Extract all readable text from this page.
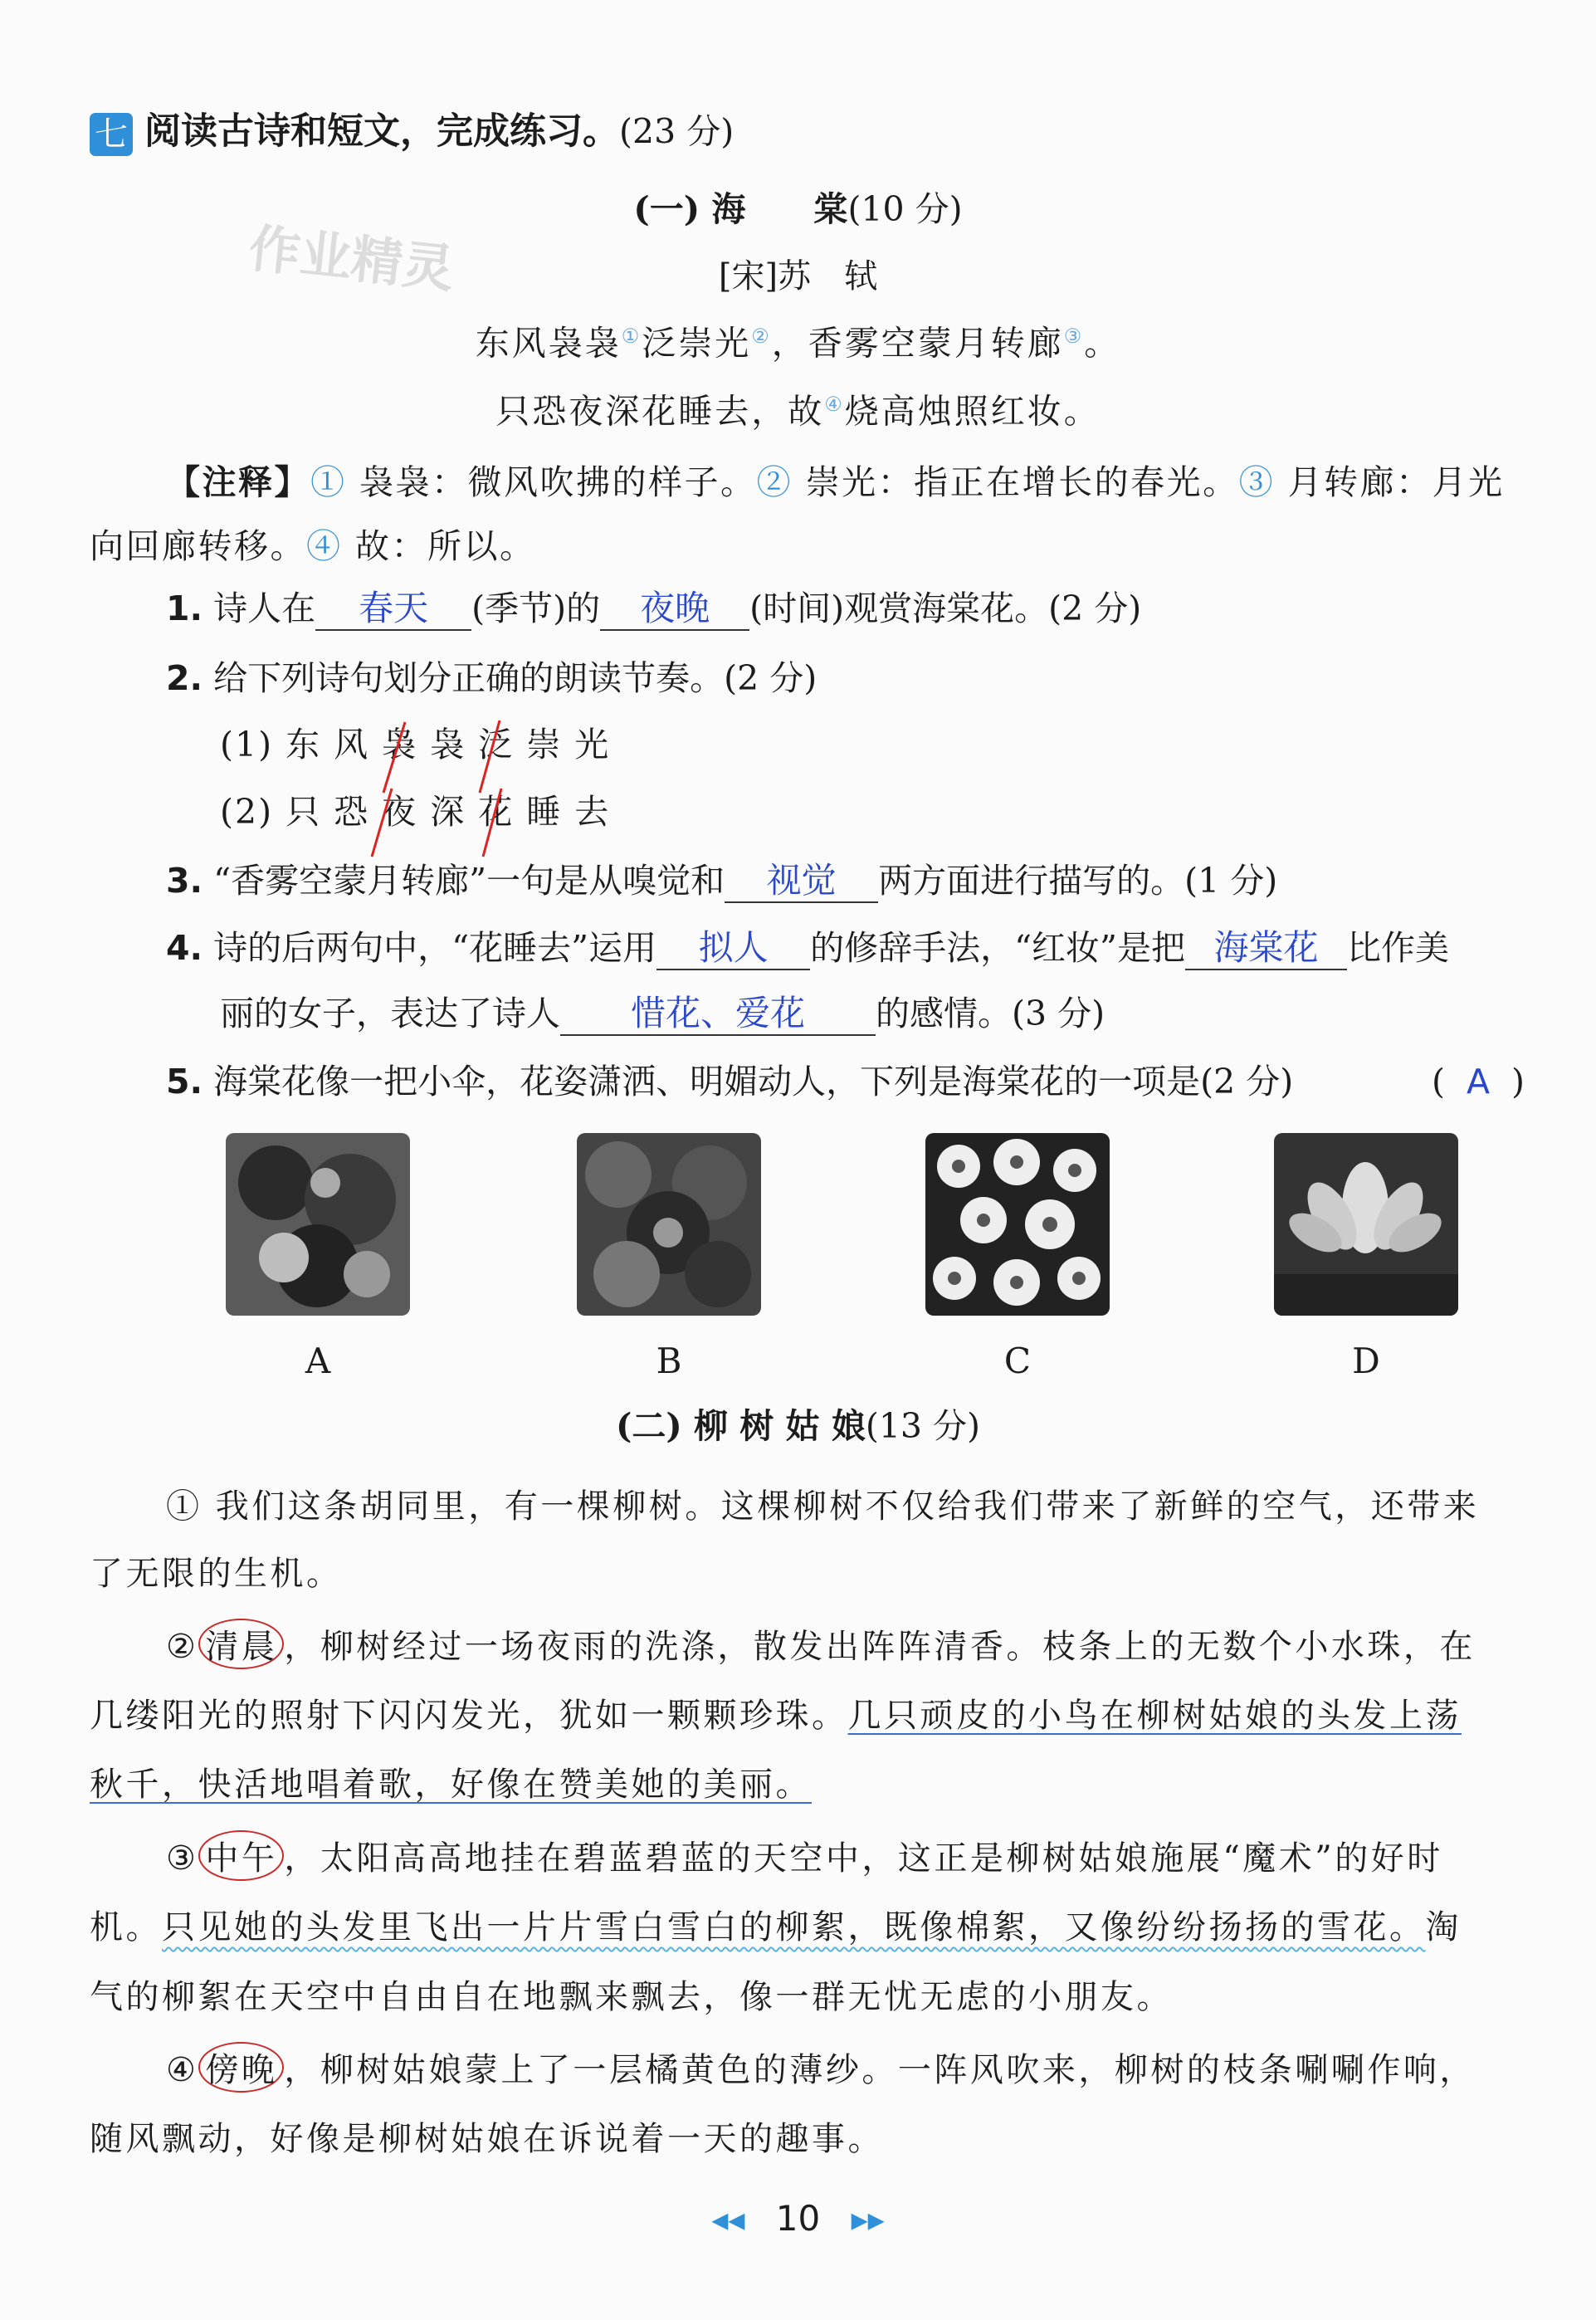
七 阅读古诗和短文，完成练习。(23 分)
作业精灵
(一) 海　　棠(10 分)
[宋]苏　轼
东风袅袅①泛崇光②，香雾空蒙月转廊③。
只恐夜深花睡去，故④烧高烛照红妆。
【注释】① 袅袅：微风吹拂的样子。② 崇光：指正在增长的春光。③ 月转廊：月光
向回廊转移。④ 故：所以。
1. 诗人在 春天 (季节)的 夜晚 (时间)观赏海棠花。(2 分)
2. 给下列诗句划分正确的朗读节奏。(2 分)
(1) 东 风 袅 袅 泛 崇 光
(2) 只 恐 夜 深 花 睡 去
3. “香雾空蒙月转廊”一句是从嗅觉和 视觉 两方面进行描写的。(1 分)
4. 诗的后两句中，“花睡去”运用 拟人 的修辞手法，“红妆”是把 海棠花 比作美
丽的女子，表达了诗人 惜花、爱花 的感情。(3 分)
5. 海棠花像一把小伞，花姿潇洒、明媚动人，下列是海棠花的一项是(2 分)	( A )
A	B	C	D
(二) 柳 树 姑 娘(13 分)
① 我们这条胡同里，有一棵柳树。这棵柳树不仅给我们带来了新鲜的空气，还带来
了无限的生机。
② 清晨 ，柳树经过一场夜雨的洗涤，散发出阵阵清香。枝条上的无数个小水珠，在
几缕阳光的照射下闪闪发光，犹如一颗颗珍珠。几只顽皮的小鸟在柳树姑娘的头发上荡
秋千，快活地唱着歌，好像在赞美她的美丽。
③ 中午 ，太阳高高地挂在碧蓝碧蓝的天空中，这正是柳树姑娘施展“魔术”的好时
机。只见她的头发里飞出一片片雪白雪白的柳絮，既像棉絮，又像纷纷扬扬的雪花。淘
气的柳絮在天空中自由自在地飘来飘去，像一群无忧无虑的小朋友。
④ 傍晚 ，柳树姑娘蒙上了一层橘黄色的薄纱。一阵风吹来，柳树的枝条唰唰作响，
随风飘动，好像是柳树姑娘在诉说着一天的趣事。
◀◀ 10 ▶▶
